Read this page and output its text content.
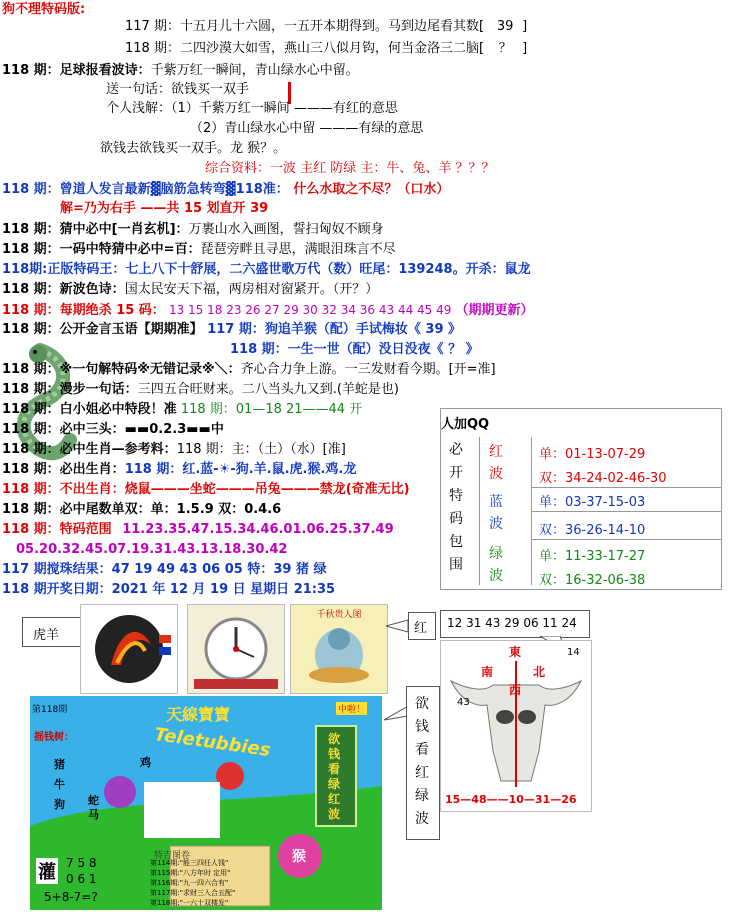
狗不理特码版:
117 期：十五月儿十六圆，一五开本期得到。马到边尾看其数[ 39 ]
118 期：二四沙漠大如雪，燕山三八似月钩，何当金洛三二脑[ ？ ]
118 期：足球报看波诗：千紫万红一瞬间，青山绿水心中留。
送一句话：欲钱买一双手
个人浅解：（1）千紫万红一瞬间 ———有红的意思
（2）青山绿水心中留 ———有绿的意思
欲钱去欲钱买一双手。龙 猴？。
综合资料：一波 主红 防绿 主：牛、兔、羊 ？？？
118 期：曾道人发言最新▓脑筋急转弯▓118准： 什么水取之不尽？（口水）
解=乃为右手 ——共 15 划直开 39
118 期：猜中必中[一肖玄机]：万裹山水入画图，誓扫匈奴不顾身
118 期：一码中特猜中必中=百：琵琶旁畔且寻思，满眼泪珠言不尽
118期:正版特码王：七上八下十舒展，二六盛世歌万代（数）旺尾：139248。开杀：鼠龙
118 期：新波色诗：国太民安天下福，两房相对窗紧开。（开？）
118 期：每期绝杀 15 码： 13 15 18 23 26 27 29 30 32 34 36 43 44 45 49 （期期更新）
118 期：公开金言玉语【期期准】 117 期：狗追羊猴（配）手试梅妆《 39 》
118 期：一生一世（配）没日没夜《 ？ 》
118 期：※一句解特码※无错记录※＼：齐心合力争上游。一三发财看今期。[开=准]
118 期：漫步一句话：三四五合旺财来。二八当头九又到.(羊蛇是也)
118 期：白小姐必中特段！准 118 期：01—18 21——44 开
118 期：必中三头：▬▬0.2.3▬▬中
118 期：必中生肖—参考料：118 期：主：（土）（水）[准]
118 期：必出生肖：118 期：红.蓝-☀-狗.羊.鼠.虎.猴.鸡.龙
118 期：不出生肖：烧鼠———坐蛇———吊兔———禁龙(奇准无比)
118 期：必中尾数单双：单：1.5.9 双：0.4.6
118 期：特码范围 11.23.35.47.15.34.46.01.06.25.37.49
05.20.32.45.07.19.31.43.13.18.30.42
117 期搅珠结果：47 19 49 43 06 05 特：39 猪 绿
118 期开奖日期：2021 年 12 月 19 日 星期日 21:35
人加QQ
必
开
特
码
包
围
红波
单：01-13-07-29
双：34-24-02-46-30
蓝波
单：03-37-15-03
双：36-26-14-10
绿波
单：11-33-17-27
双：16-32-06-38
虎羊
千秋贵人图
红 12 31 43 29 06 11 24
東
南	北
西
14
43
15—48——10—31—26
第118期
摇钱树：
天線寶寶
Teletubbies
中啦！
欲
钱
看
绿
红
波
猪
牛
狗
鸡
蛇
马
特吉图卷
第114期:"能三四任人钱"
第115期:"八方年时 定用"
第116期:"九一四六合有"
第117期:"求财三入合五配"
第118期:"一六十双楼发"
灌 7 5 8
0 6 1
5+8-7=?
猴
欲
钱
看
红
绿
波
